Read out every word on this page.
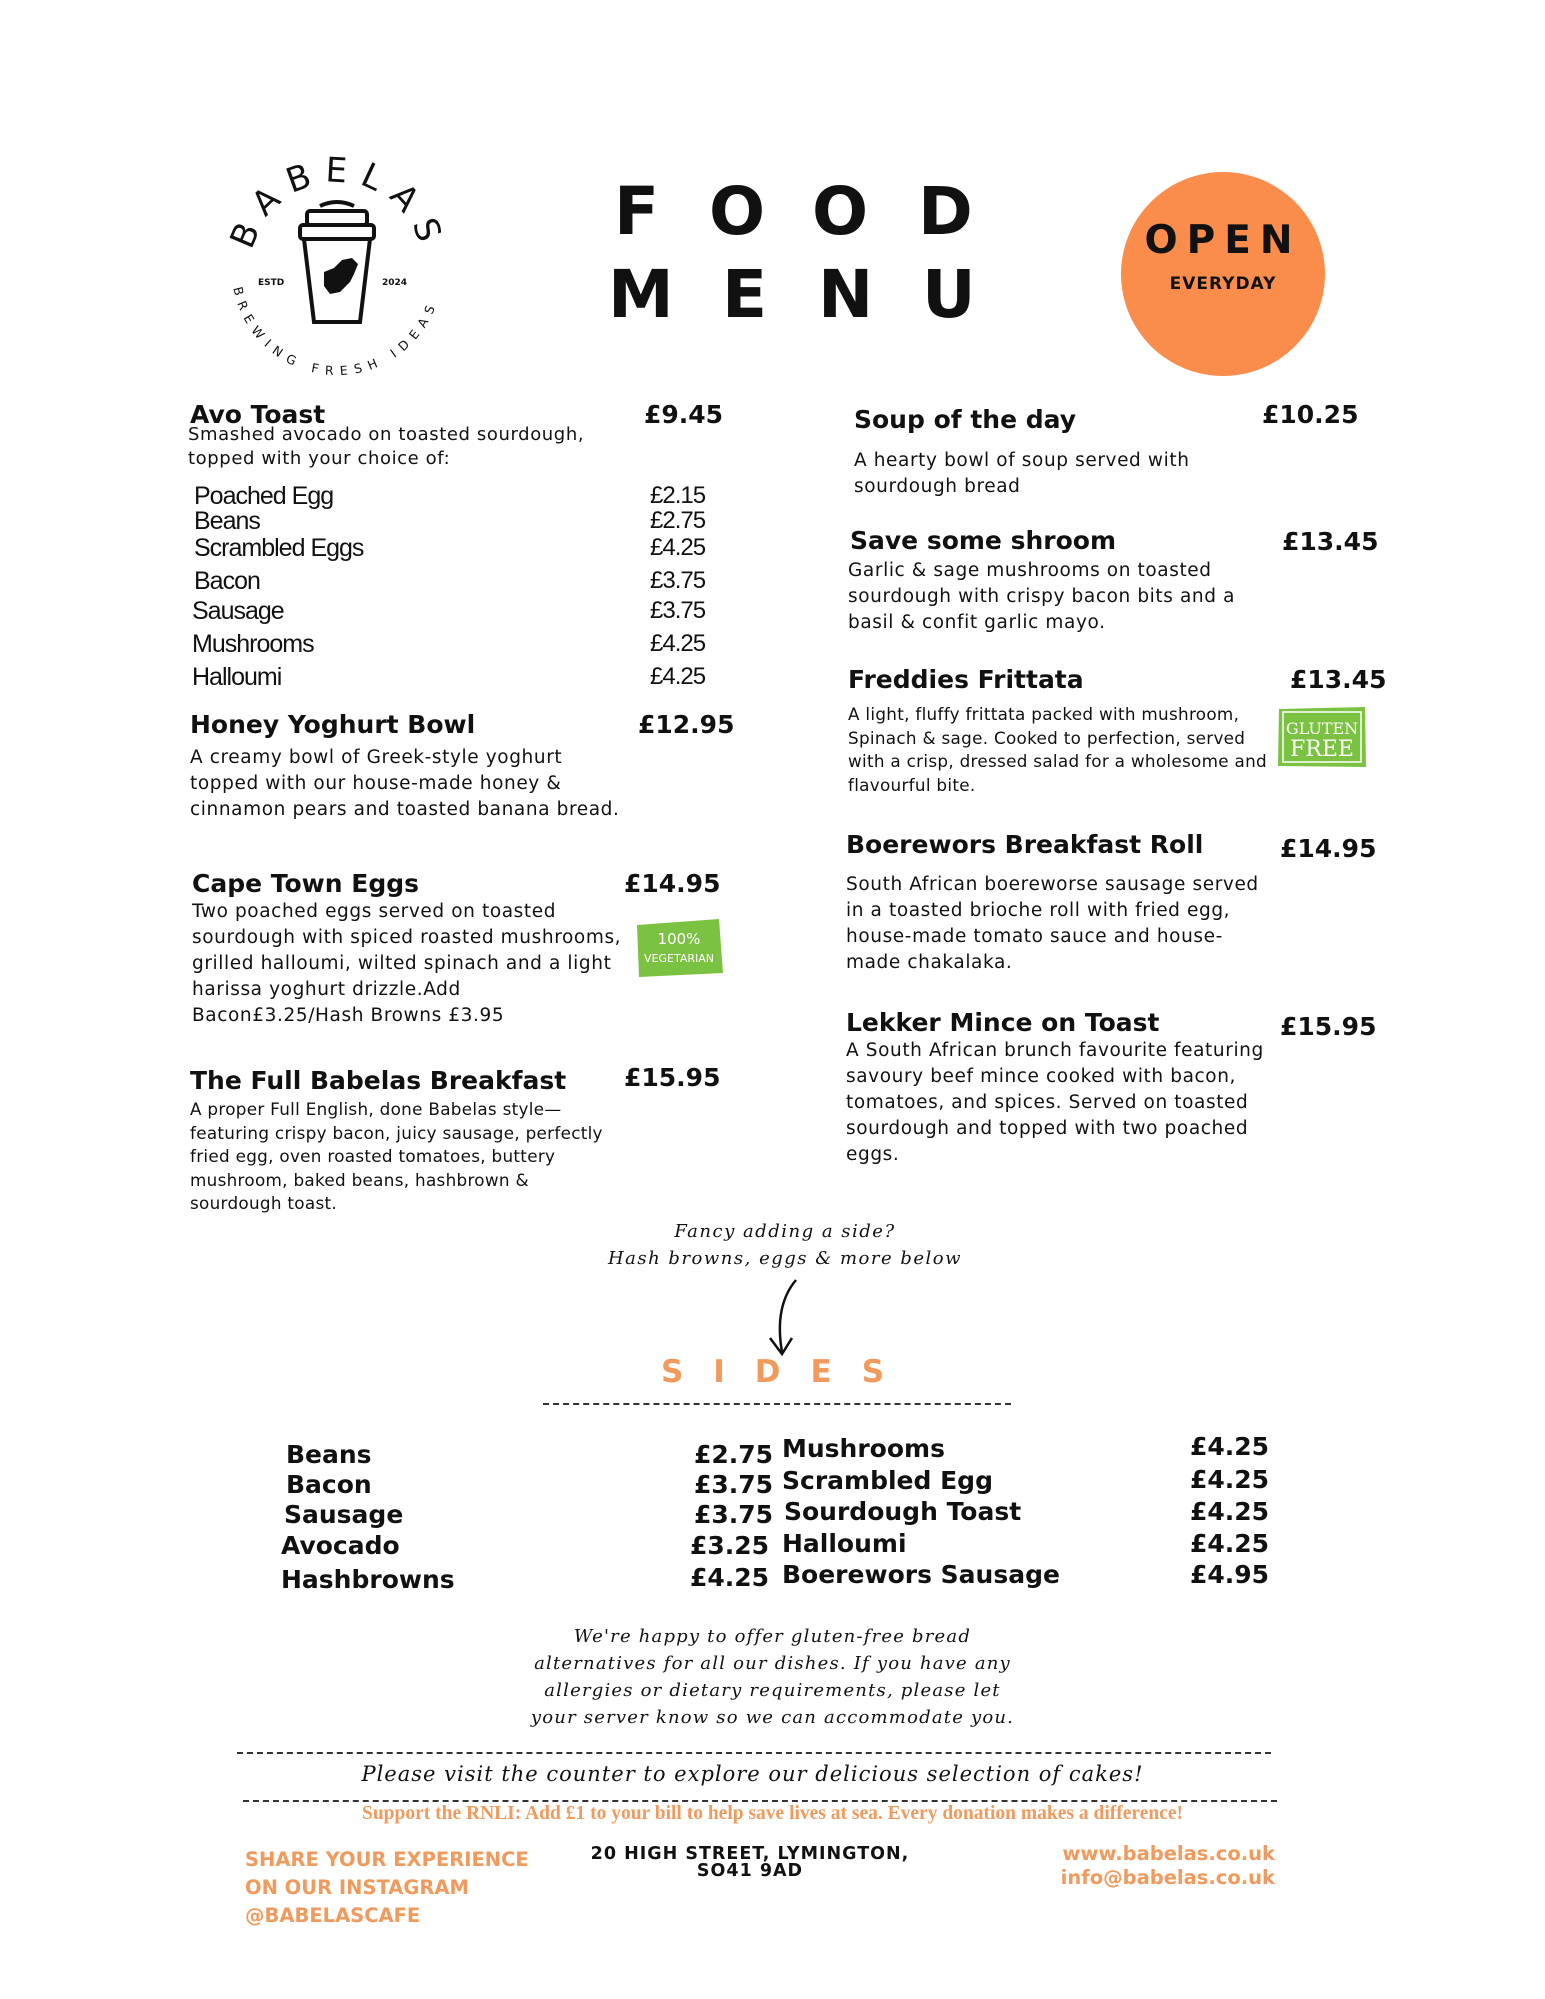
BABELAS
BREWING FRESH IDEAS
ESTD	2024
F O O D
M E N U
OPEN
EVERYDAY
Avo Toast	£9.45
Smashed avocado on toasted sourdough, topped with your choice of:
Poached Egg	£2.15
Beans	£2.75
Scrambled Eggs	£4.25
Bacon	£3.75
Sausage	£3.75
Mushrooms	£4.25
Halloumi	£4.25
Honey Yoghurt Bowl	£12.95
A creamy bowl of Greek-style yoghurt topped with our house-made honey & cinnamon pears and toasted banana bread.
Cape Town Eggs	£14.95
Two poached eggs served on toasted sourdough with spiced roasted mushrooms, grilled halloumi, wilted spinach and a light harissa yoghurt drizzle.Add Bacon£3.25/Hash Browns £3.95
100%
VEGETARIAN
The Full Babelas Breakfast £15.95
A proper Full English, done Babelas style—featuring crispy bacon, juicy sausage, perfectly fried egg, oven roasted tomatoes, buttery mushroom, baked beans, hashbrown & sourdough toast.
Soup of the day	£10.25
A hearty bowl of soup served with sourdough bread
Save some shroom	£13.45
Garlic & sage mushrooms on toasted sourdough with crispy bacon bits and a basil & confit garlic mayo.
Freddies Frittata	£13.45
A light, fluffy frittata packed with mushroom, Spinach & sage. Cooked to perfection, served with a crisp, dressed salad for a wholesome and flavourful bite.
GLUTEN
FREE
Boerewors Breakfast Roll	£14.95
South African boereworse sausage served in a toasted brioche roll with fried egg, house-made tomato sauce and house-made chakalaka.
Lekker Mince on Toast	£15.95
A South African brunch favourite featuring savoury beef mince cooked with bacon, tomatoes, and spices. Served on toasted sourdough and topped with two poached eggs.
Fancy adding a side?
Hash browns, eggs & more below
SIDES
Beans	£2.75
Bacon	£3.75
Sausage	£3.75
Avocado	£3.25
Hashbrowns	£4.25
Mushrooms	£4.25
Scrambled Egg	£4.25
Sourdough Toast	£4.25
Halloumi	£4.25
Boerewors Sausage	£4.95
We're happy to offer gluten-free bread
alternatives for all our dishes. If you have any
allergies or dietary requirements, please let
your server know so we can accommodate you.
Please visit the counter to explore our delicious selection of cakes!
Support the RNLI: Add £1 to your bill to help save lives at sea. Every donation makes a difference!
SHARE YOUR EXPERIENCE
ON OUR INSTAGRAM
@BABELASCAFE
20 HIGH STREET, LYMINGTON,
SO41 9AD
www.babelas.co.uk
info@babelas.co.uk
